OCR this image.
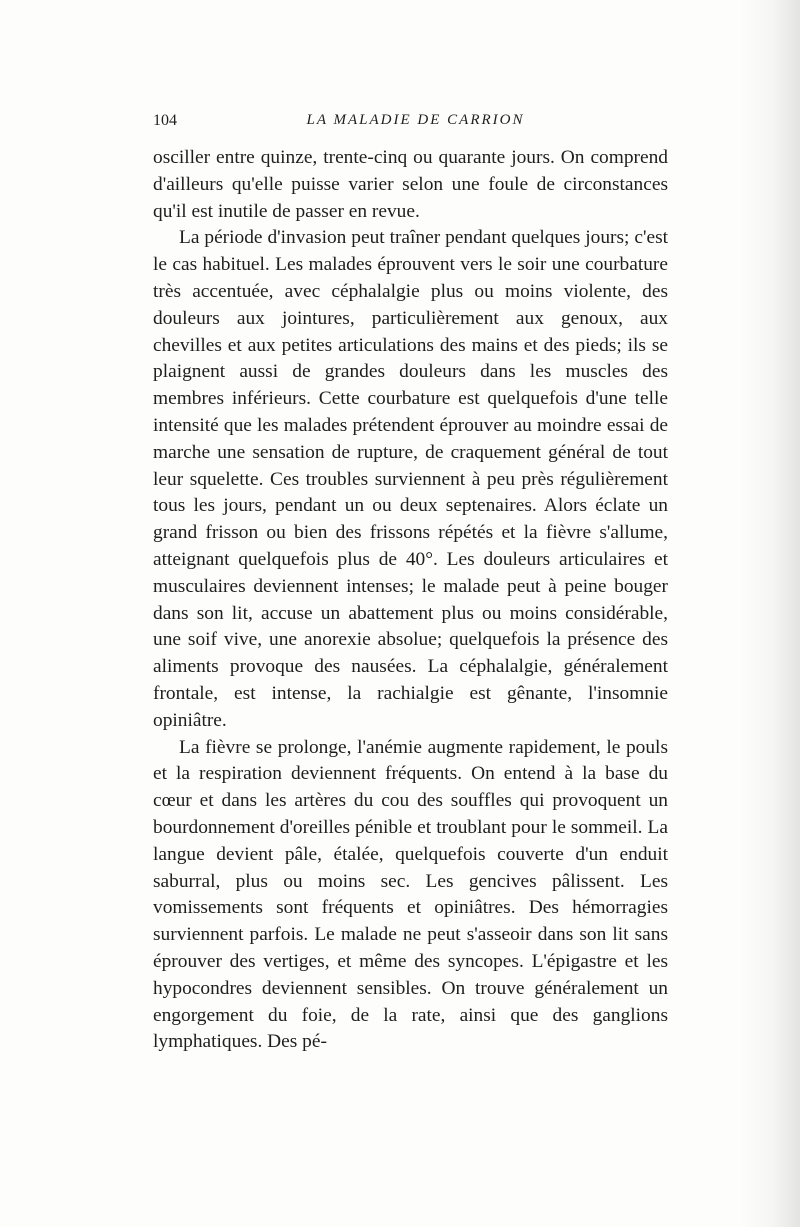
104	LA MALADIE DE CARRION

osciller entre quinze, trente-cinq ou quarante jours. On comprend d'ailleurs qu'elle puisse varier selon une foule de circonstances qu'il est inutile de passer en revue.

La période d'invasion peut traîner pendant quelques jours; c'est le cas habituel. Les malades éprouvent vers le soir une courbature très accentuée, avec céphalalgie plus ou moins violente, des douleurs aux jointures, particulièrement aux genoux, aux chevilles et aux petites articulations des mains et des pieds; ils se plaignent aussi de grandes douleurs dans les muscles des membres inférieurs. Cette courbature est quelquefois d'une telle intensité que les malades prétendent éprouver au moindre essai de marche une sensation de rupture, de craquement général de tout leur squelette. Ces troubles surviennent à peu près régulièrement tous les jours, pendant un ou deux septenaires. Alors éclate un grand frisson ou bien des frissons répétés et la fièvre s'allume, atteignant quelquefois plus de 40°. Les douleurs articulaires et musculaires deviennent intenses; le malade peut à peine bouger dans son lit, accuse un abattement plus ou moins considérable, une soif vive, une anorexie absolue; quelquefois la présence des aliments provoque des nausées. La céphalalgie, généralement frontale, est intense, la rachialgie est gênante, l'insomnie opiniâtre.

La fièvre se prolonge, l'anémie augmente rapidement, le pouls et la respiration deviennent fréquents. On entend à la base du cœur et dans les artères du cou des souffles qui provoquent un bourdonnement d'oreilles pénible et troublant pour le sommeil. La langue devient pâle, étalée, quelquefois couverte d'un enduit saburral, plus ou moins sec. Les gencives pâlissent. Les vomissements sont fréquents et opiniâtres. Des hémorragies surviennent parfois. Le malade ne peut s'asseoir dans son lit sans éprouver des vertiges, et même des syncopes. L'épigastre et les hypocondres deviennent sensibles. On trouve généralement un engorgement du foie, de la rate, ainsi que des ganglions lymphatiques. Des pé-
